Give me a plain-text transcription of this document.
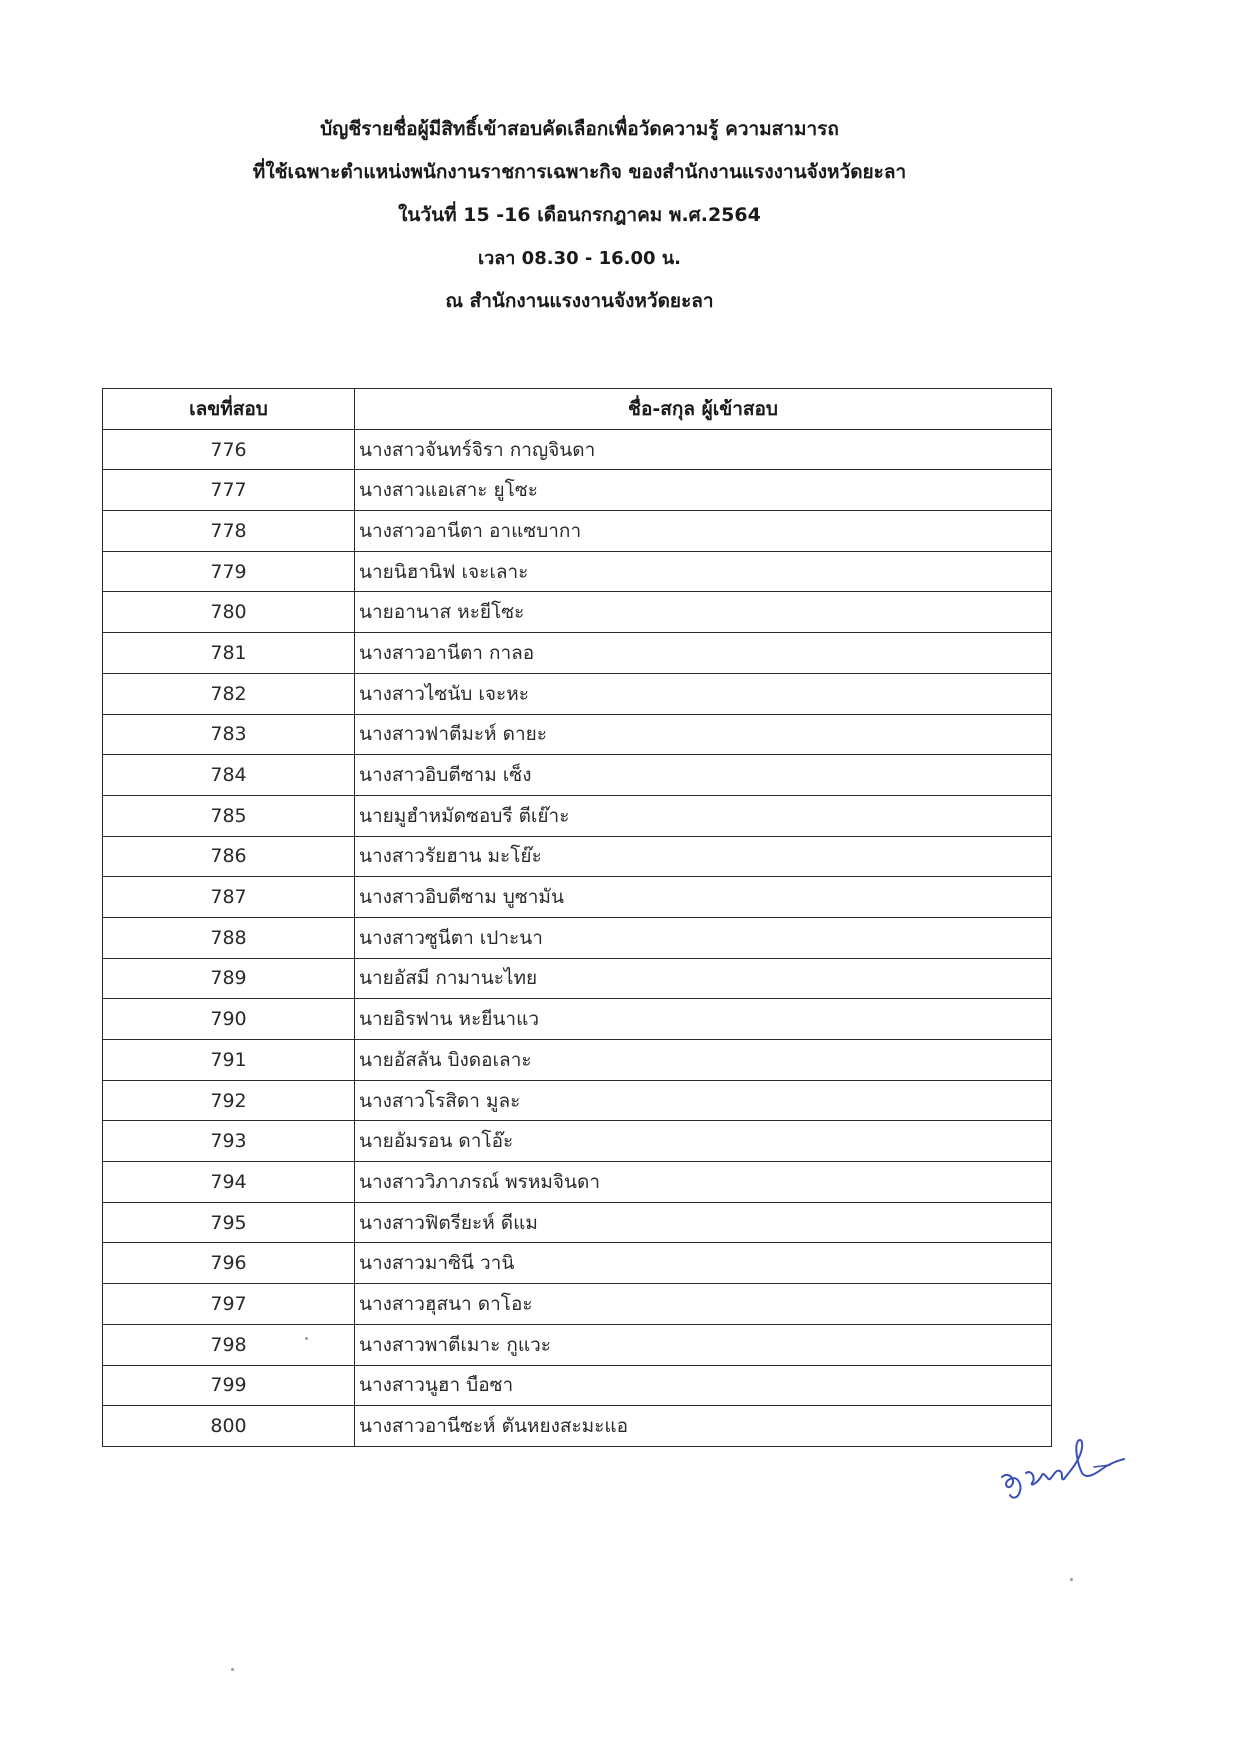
บัญชีรายชื่อผู้มีสิทธิ์เข้าสอบคัดเลือกเพื่อวัดความรู้ ความสามารถ
ที่ใช้เฉพาะตำแหน่งพนักงานราชการเฉพาะกิจ ของสำนักงานแรงงานจังหวัดยะลา
ในวันที่ 15 -16 เดือนกรกฎาคม พ.ศ.2564
เวลา 08.30 - 16.00 น.
ณ สำนักงานแรงงานจังหวัดยะลา
เลขที่สอบ	ชื่อ-สกุล ผู้เข้าสอบ
776	นางสาวจันทร์จิรา กาญจินดา
777	นางสาวแอเสาะ ยูโซะ
778	นางสาวอานีตา อาแซบากา
779	นายนิฮานิฟ เจะเลาะ
780	นายอานาส หะยีโซะ
781	นางสาวอานีตา กาลอ
782	นางสาวไซนับ เจะหะ
783	นางสาวฟาตีมะห์ ดายะ
784	นางสาวอิบตีซาม เซ็ง
785	นายมูฮำหมัดซอบรี ตีเย๊าะ
786	นางสาวรัยฮาน มะโย๊ะ
787	นางสาวอิบตีซาม บูซามัน
788	นางสาวซูนีตา เปาะนา
789	นายอัสมี กามานะไทย
790	นายอิรฟาน หะยีนาแว
791	นายอัสลัน บิงดอเลาะ
792	นางสาวโรสิดา มูละ
793	นายอัมรอน ดาโอ๊ะ
794	นางสาววิภาภรณ์ พรหมจินดา
795	นางสาวฟิตรียะห์ ดีแม
796	นางสาวมาซินี วานิ
797	นางสาวฮุสนา ดาโอะ
798	นางสาวพาตีเมาะ กูแวะ
799	นางสาวนูฮา บือซา
800	นางสาวอานีซะห์ ตันหยงสะมะแอ
